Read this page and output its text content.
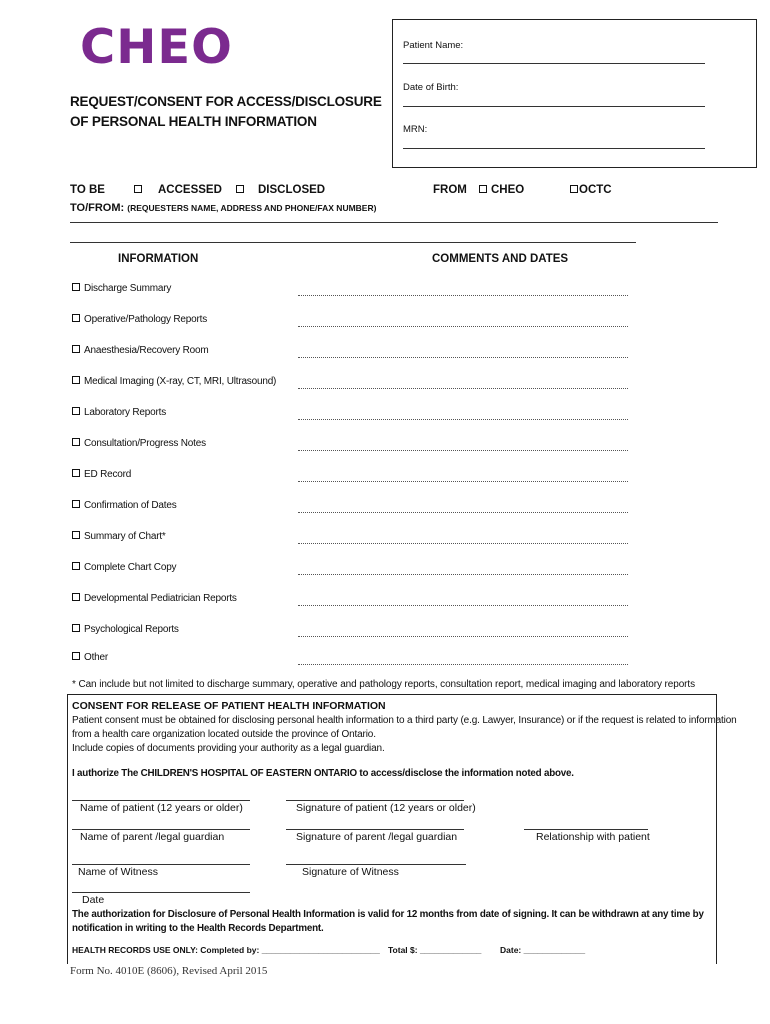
CHEO
REQUEST/CONSENT FOR ACCESS/DISCLOSURE
OF PERSONAL HEALTH INFORMATION
Patient Name:
Date of Birth:
MRN:
TO BE	ACCESSED	DISCLOSED	FROM	CHEO	OCTC
TO/FROM: (REQUESTERS NAME, ADDRESS AND PHONE/FAX NUMBER)
INFORMATION	COMMENTS AND DATES
Discharge Summary
Operative/Pathology Reports
Anaesthesia/Recovery Room
Medical Imaging (X-ray, CT, MRI, Ultrasound)
Laboratory Reports
Consultation/Progress Notes
ED Record
Confirmation of Dates
Summary of Chart*
Complete Chart Copy
Developmental Pediatrician Reports
Psychological Reports
Other
* Can include but not limited to discharge summary, operative and pathology reports, consultation report, medical imaging and laboratory reports
CONSENT FOR RELEASE OF PATIENT HEALTH INFORMATION
Patient consent must be obtained for disclosing personal health information to a third party (e.g. Lawyer, Insurance) or if the request is related to information
from a health care organization located outside the province of Ontario.
Include copies of documents providing your authority as a legal guardian.
I authorize The CHILDREN'S HOSPITAL OF EASTERN ONTARIO to access/disclose the information noted above.
Name of patient (12 years or older)	Signature of patient (12 years or older)
Name of parent /legal guardian	Signature of parent /legal guardian	Relationship with patient
Name of Witness	Signature of Witness
Date
The authorization for Disclosure of Personal Health Information is valid for 12 months from date of signing. It can be withdrawn at any time by
notification in writing to the Health Records Department.
HEALTH RECORDS USE ONLY: Completed by: _________________________ Total $: _____________ Date: _____________
Form No. 4010E (8606), Revised April 2015
